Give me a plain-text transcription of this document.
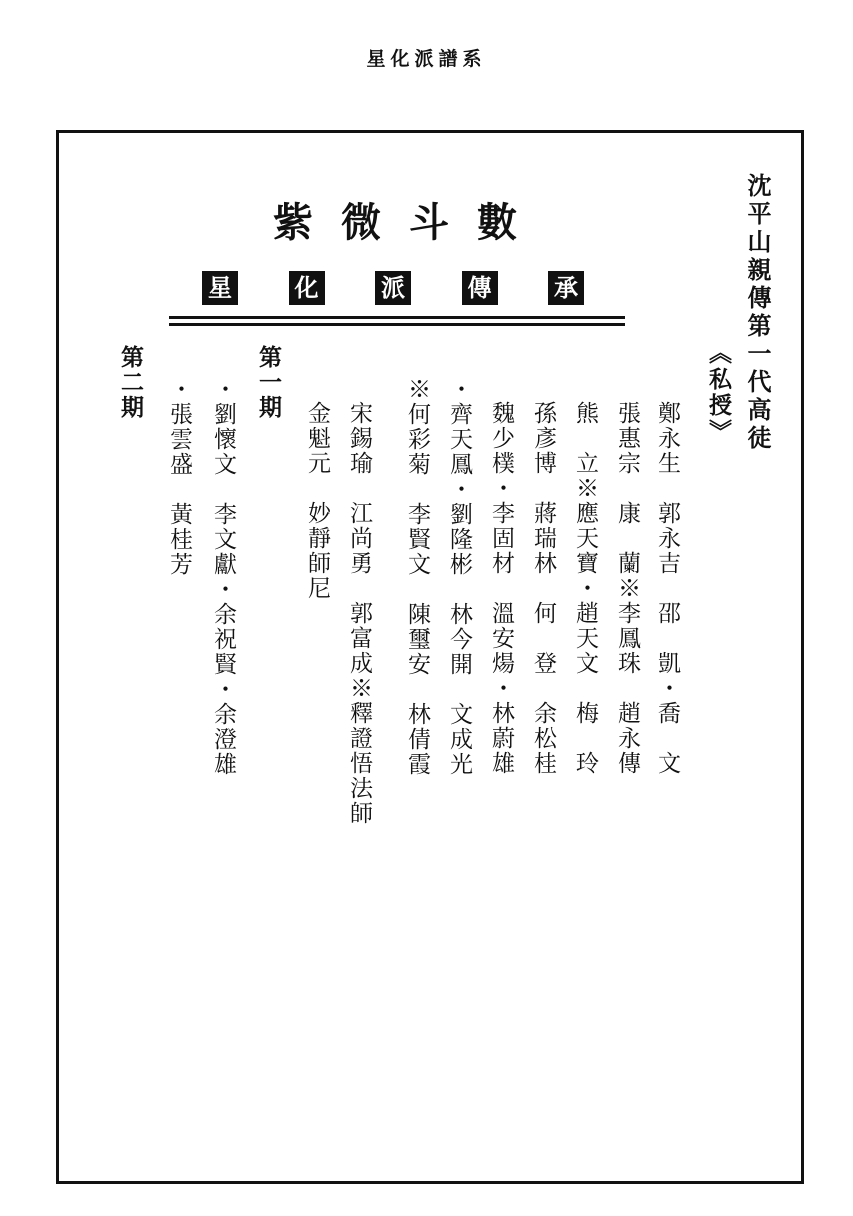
星化派譜系
沈平山親傳第一代高徒
《私授》
紫微斗數
星	化	派	傳	承
鄭永生　郭永吉　邵　凱・喬　文
張惠宗　康　蘭※李鳳珠　趙永傳
熊　立※應天寶・趙天文　梅　玲
孫彥博　蔣瑞林　何　登　余松桂
魏少樸・李固材　溫安煬・林蔚雄
・齊天鳳・劉隆彬　林今開　文成光
※何彩菊　李賢文　陳璽安　林倩霞
宋錫瑜　江尚勇　郭富成※釋證悟法師
金魁元　妙靜師尼
第一期
・劉懷文　李文獻・余祝賢・余澄雄
・張雲盛　黃桂芳
第二期
